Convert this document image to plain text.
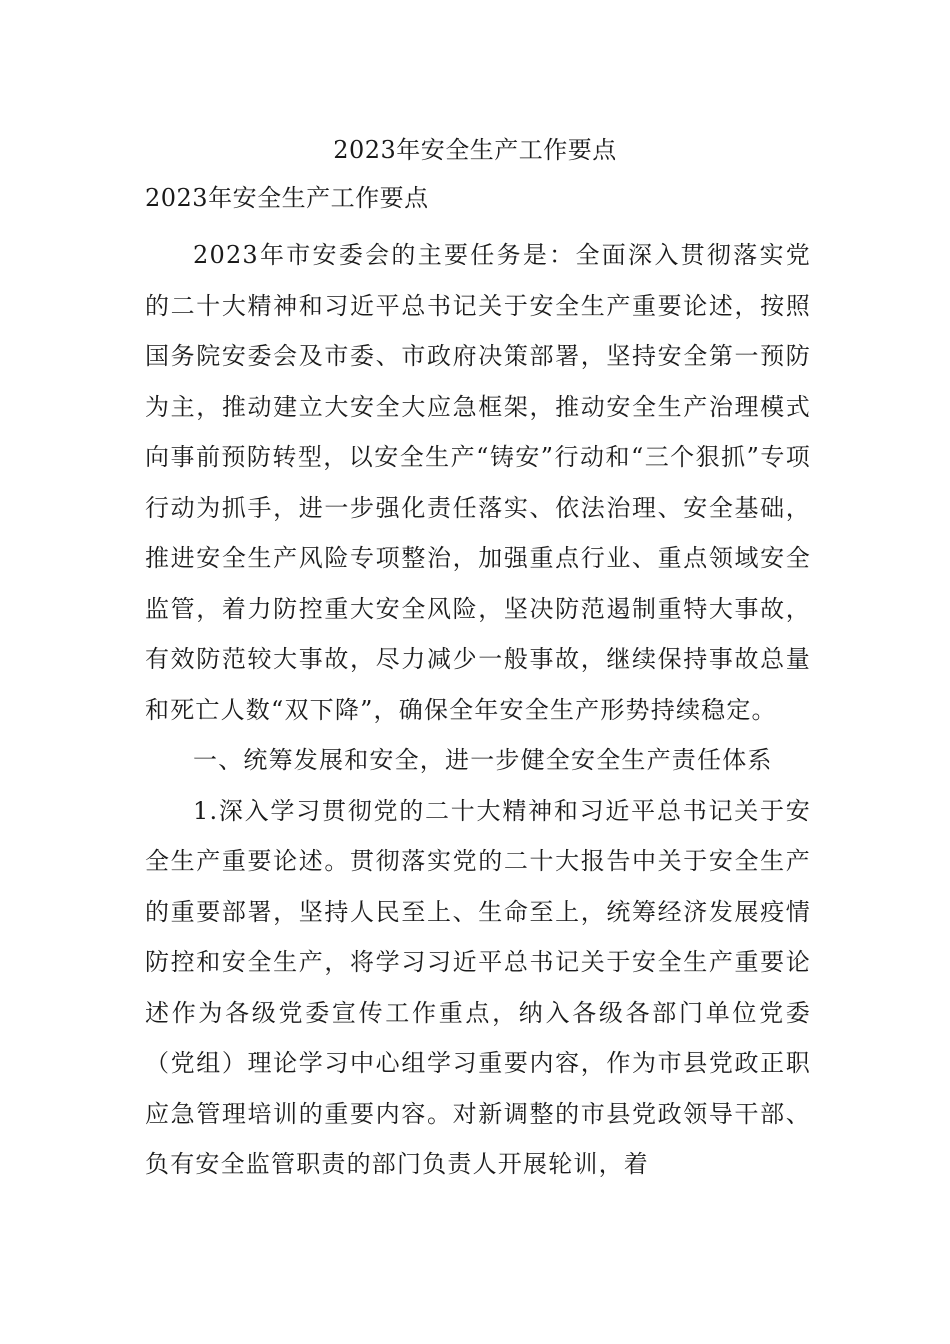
2023年安全生产工作要点
2023年安全生产工作要点

2023年市安委会的主要任务是：全面深入贯彻落实党的二十大精神和习近平总书记关于安全生产重要论述，按照国务院安委会及市委、市政府决策部署，坚持安全第一预防为主，推动建立大安全大应急框架，推动安全生产治理模式向事前预防转型，以安全生产“铸安”行动和“三个狠抓”专项行动为抓手，进一步强化责任落实、依法治理、安全基础，推进安全生产风险专项整治，加强重点行业、重点领域安全监管，着力防控重大安全风险，坚决防范遏制重特大事故，有效防范较大事故，尽力减少一般事故，继续保持事故总量和死亡人数“双下降”，确保全年安全生产形势持续稳定。

一、统筹发展和安全，进一步健全安全生产责任体系

1.深入学习贯彻党的二十大精神和习近平总书记关于安全生产重要论述。贯彻落实党的二十大报告中关于安全生产的重要部署，坚持人民至上、生命至上，统筹经济发展疫情防控和安全生产，将学习习近平总书记关于安全生产重要论述作为各级党委宣传工作重点，纳入各级各部门单位党委（党组）理论学习中心组学习重要内容，作为市县党政正职应急管理培训的重要内容。对新调整的市县党政领导干部、负有安全监管职责的部门负责人开展轮训，着
